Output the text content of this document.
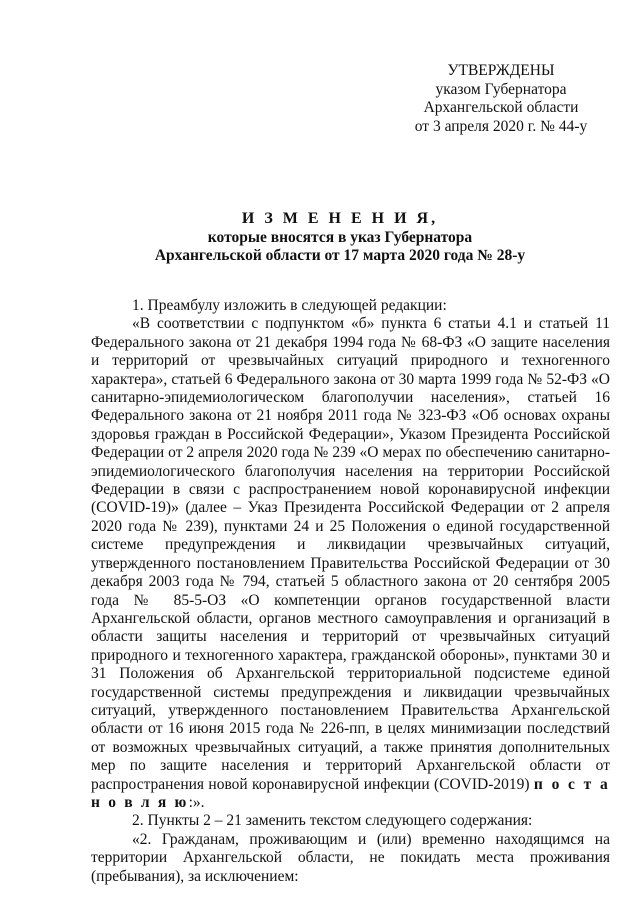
УТВЕРЖДЕНЫ
указом Губернатора
Архангельской области
от 3 апреля 2020 г. № 44-у
И З М Е Н Е Н И Я,
которые вносятся в указ Губернатора
Архангельской области от 17 марта 2020 года № 28-у

1. Преамбулу изложить в следующей редакции:

«В соответствии с подпунктом «б» пункта 6 статьи 4.1 и статьей 11 Федерального закона от 21 декабря 1994 года № 68-ФЗ «О защите населения и территорий от чрезвычайных ситуаций природного и техногенного характера», статьей 6 Федерального закона от 30 марта 1999 года № 52-ФЗ «О санитарно-эпидемиологическом благополучии населения», статьей 16 Федерального закона от 21 ноября 2011 года № 323-ФЗ «Об основах охраны здоровья граждан в Российской Федерации», Указом Президента Российской Федерации от 2 апреля 2020 года № 239 «О мерах по обеспечению санитарно-эпидемиологического благополучия населения на территории Российской Федерации в связи с распространением новой коронавирусной инфекции (COVID-19)» (далее – Указ Президента Российской Федерации от 2 апреля 2020 года № 239), пунктами 24 и 25 Положения о единой государственной системе предупреждения и ликвидации чрезвычайных ситуаций, утвержденного постановлением Правительства Российской Федерации от 30 декабря 2003 года № 794, статьей 5 областного закона от 20 сентября 2005 года № 85-5-ОЗ «О компетенции органов государственной власти Архангельской области, органов местного самоуправления и организаций в области защиты населения и территорий от чрезвычайных ситуаций природного и техногенного характера, гражданской обороны», пунктами 30 и 31 Положения об Архангельской территориальной подсистеме единой государственной системы предупреждения и ликвидации чрезвычайных ситуаций, утвержденного постановлением Правительства Архангельской области от 16 июня 2015 года № 226-пп, в целях минимизации последствий от возможных чрезвычайных ситуаций, а также принятия дополнительных мер по защите населения и территорий Архангельской области от распространения новой коронавирусной инфекции (COVID-2019) п о с т а н о в л я ю:».

2. Пункты 2 – 21 заменить текстом следующего содержания:

«2. Гражданам, проживающим и (или) временно находящимся на территории Архангельской области, не покидать места проживания (пребывания), за исключением:
